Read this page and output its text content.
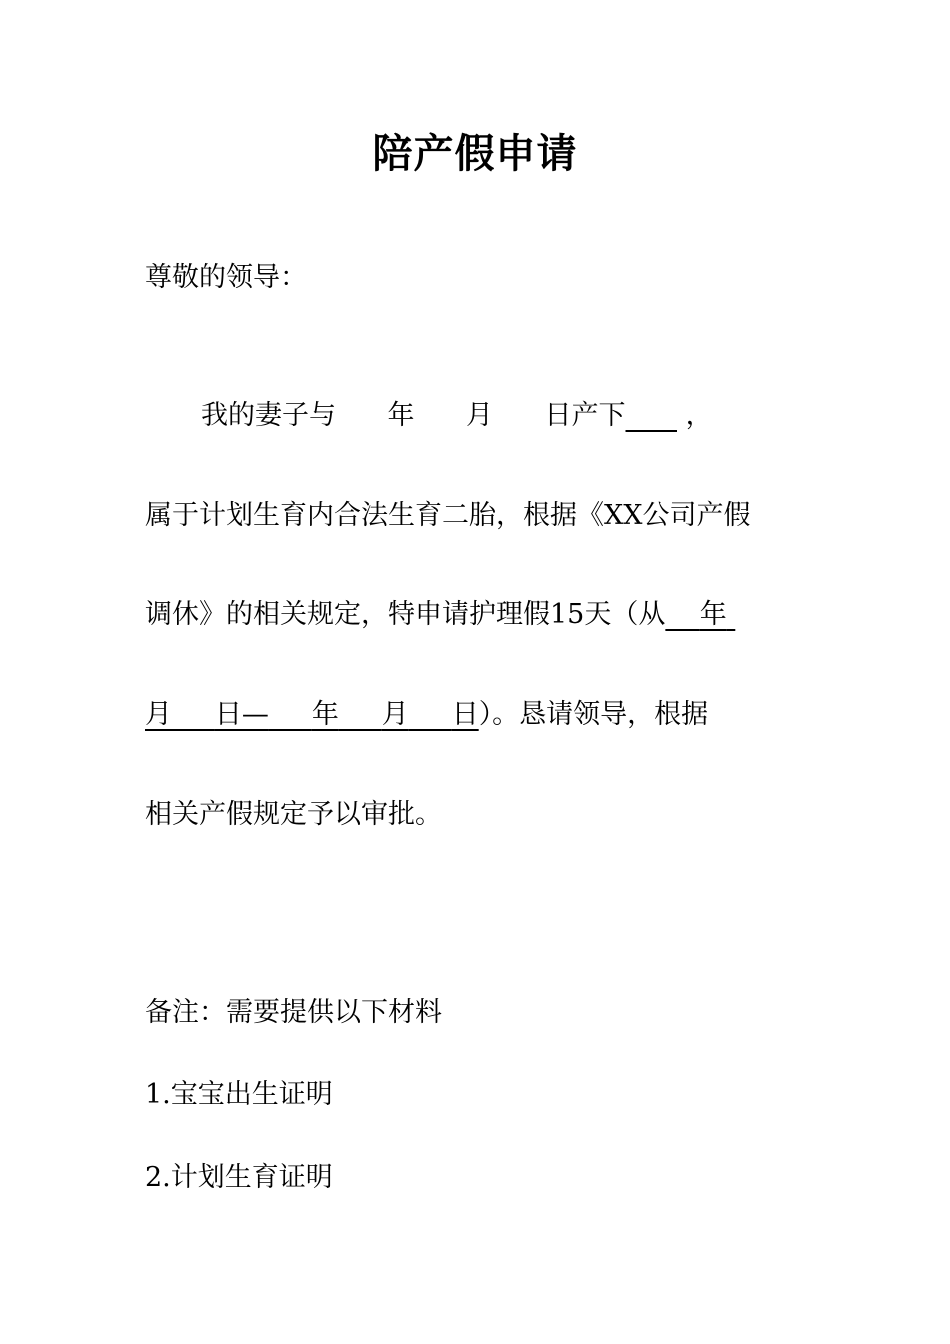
陪产假申请
尊敬的领导：
我的妻子与 年 月 日产下 ，
属于计划生育内合法生育二胎，根据《XX公司产假
调休》的相关规定，特申请护理假15天（从 年
月 日— 年 月 日）。恳请领导，根据
相关产假规定予以审批。
备注：需要提供以下材料
1.宝宝出生证明
2.计划生育证明
